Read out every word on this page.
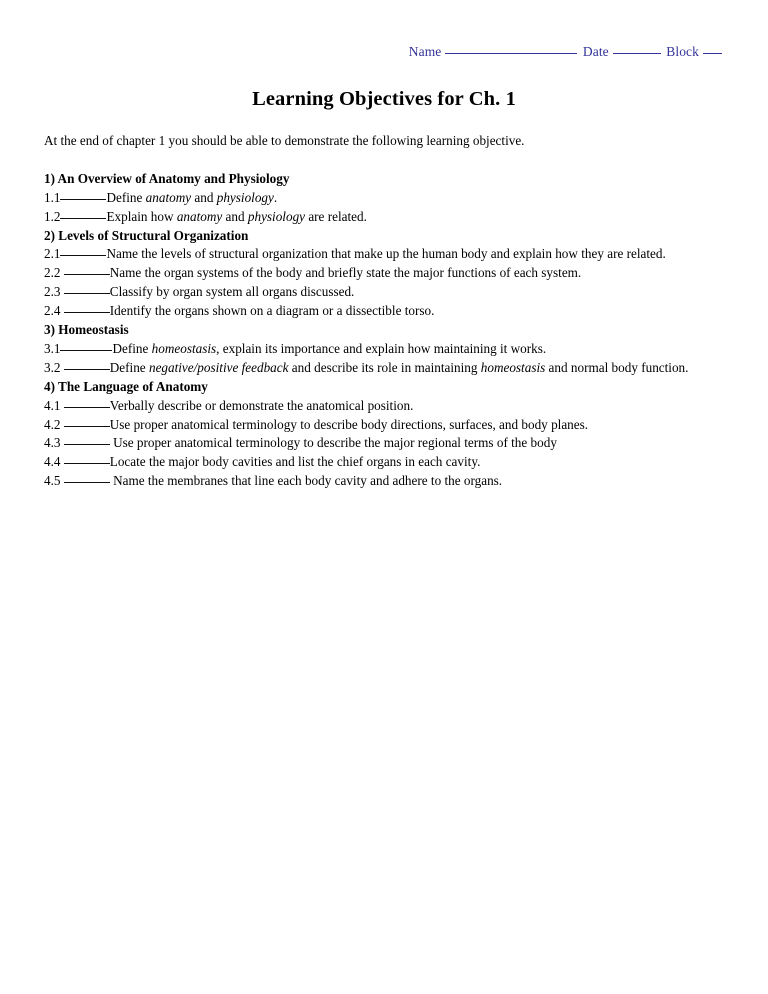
Name	Date	Block
Learning Objectives for Ch. 1

At the end of chapter 1 you should be able to demonstrate the following learning objective.

1) An Overview of Anatomy and Physiology

1.1	Define anatomy and physiology.

1.2	Explain how anatomy and physiology are related.

2) Levels of Structural Organization

2.1	Name the levels of structural organization that make up the human body and explain how they are related.

2.2	Name the organ systems of the body and briefly state the major functions of each system.

2.3	Classify by organ system all organs discussed.

2.4	Identify the organs shown on a diagram or a dissectible torso.

3) Homeostasis

3.1	Define homeostasis, explain its importance and explain how maintaining it works.

3.2	Define negative/positive feedback and describe its role in maintaining homeostasis and normal body function.

4) The Language of Anatomy

4.1	Verbally describe or demonstrate the anatomical position.

4.2	Use proper anatomical terminology to describe body directions, surfaces, and body planes.

4.3	Use proper anatomical terminology to describe the major regional terms of the body

4.4	Locate the major body cavities and list the chief organs in each cavity.

4.5	Name the membranes that line each body cavity and adhere to the organs.
